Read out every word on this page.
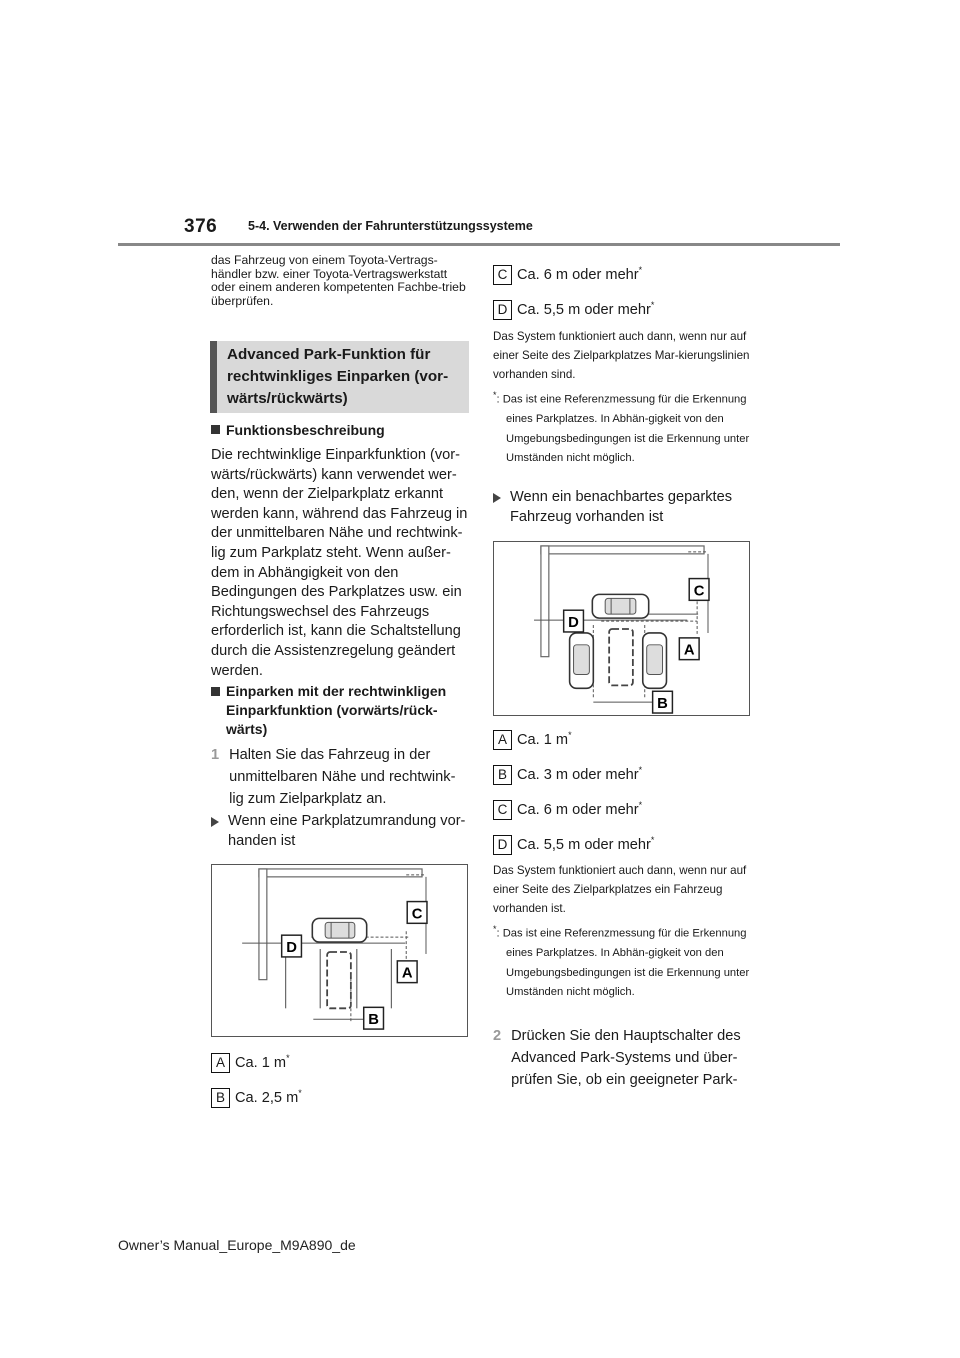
376 5-4. Verwenden der Fahrunterstützungssysteme
das Fahrzeug von einem Toyota-Vertrags-händler bzw. einer Toyota-Vertragswerkstatt oder einem anderen kompetenten Fachbe-trieb überprüfen.
Advanced Park-Funktion für rechtwinkliges Einparken (vor-wärts/rückwärts)
Funktionsbeschreibung
Die rechtwinklige Einparkfunktion (vor-wärts/rückwärts) kann verwendet wer-den, wenn der Zielparkplatz erkannt werden kann, während das Fahrzeug in der unmittelbaren Nähe und rechtwink-lig zum Parkplatz steht. Wenn außer-dem in Abhängigkeit von den Bedingungen des Parkplatzes usw. ein Richtungswechsel des Fahrzeugs erforderlich ist, kann die Schaltstellung durch die Assistenzregelung geändert werden.
Einparken mit der rechtwinkligen Einparkfunktion (vorwärts/rück-wärts)
1 Halten Sie das Fahrzeug in der unmittelbaren Nähe und rechtwink-lig zum Zielparkplatz an.
Wenn eine Parkplatzumrandung vor-handen ist
C
D
A
B
A Ca. 1 m*
B Ca. 2,5 m*
C Ca. 6 m oder mehr*
D Ca. 5,5 m oder mehr*
Das System funktioniert auch dann, wenn nur auf einer Seite des Zielparkplatzes Mar-kierungslinien vorhanden sind.
*: Das ist eine Referenzmessung für die Erkennung eines Parkplatzes. In Abhän-gigkeit von den Umgebungsbedingungen ist die Erkennung unter Umständen nicht möglich.
Wenn ein benachbartes geparktes Fahrzeug vorhanden ist
C
D
A
B
A Ca. 1 m*
B Ca. 3 m oder mehr*
C Ca. 6 m oder mehr*
D Ca. 5,5 m oder mehr*
Das System funktioniert auch dann, wenn nur auf einer Seite des Zielparkplatzes ein Fahrzeug vorhanden ist.
*: Das ist eine Referenzmessung für die Erkennung eines Parkplatzes. In Abhän-gigkeit von den Umgebungsbedingungen ist die Erkennung unter Umständen nicht möglich.
2 Drücken Sie den Hauptschalter des Advanced Park-Systems und über-prüfen Sie, ob ein geeigneter Park-
Owner’s Manual_Europe_M9A890_de
